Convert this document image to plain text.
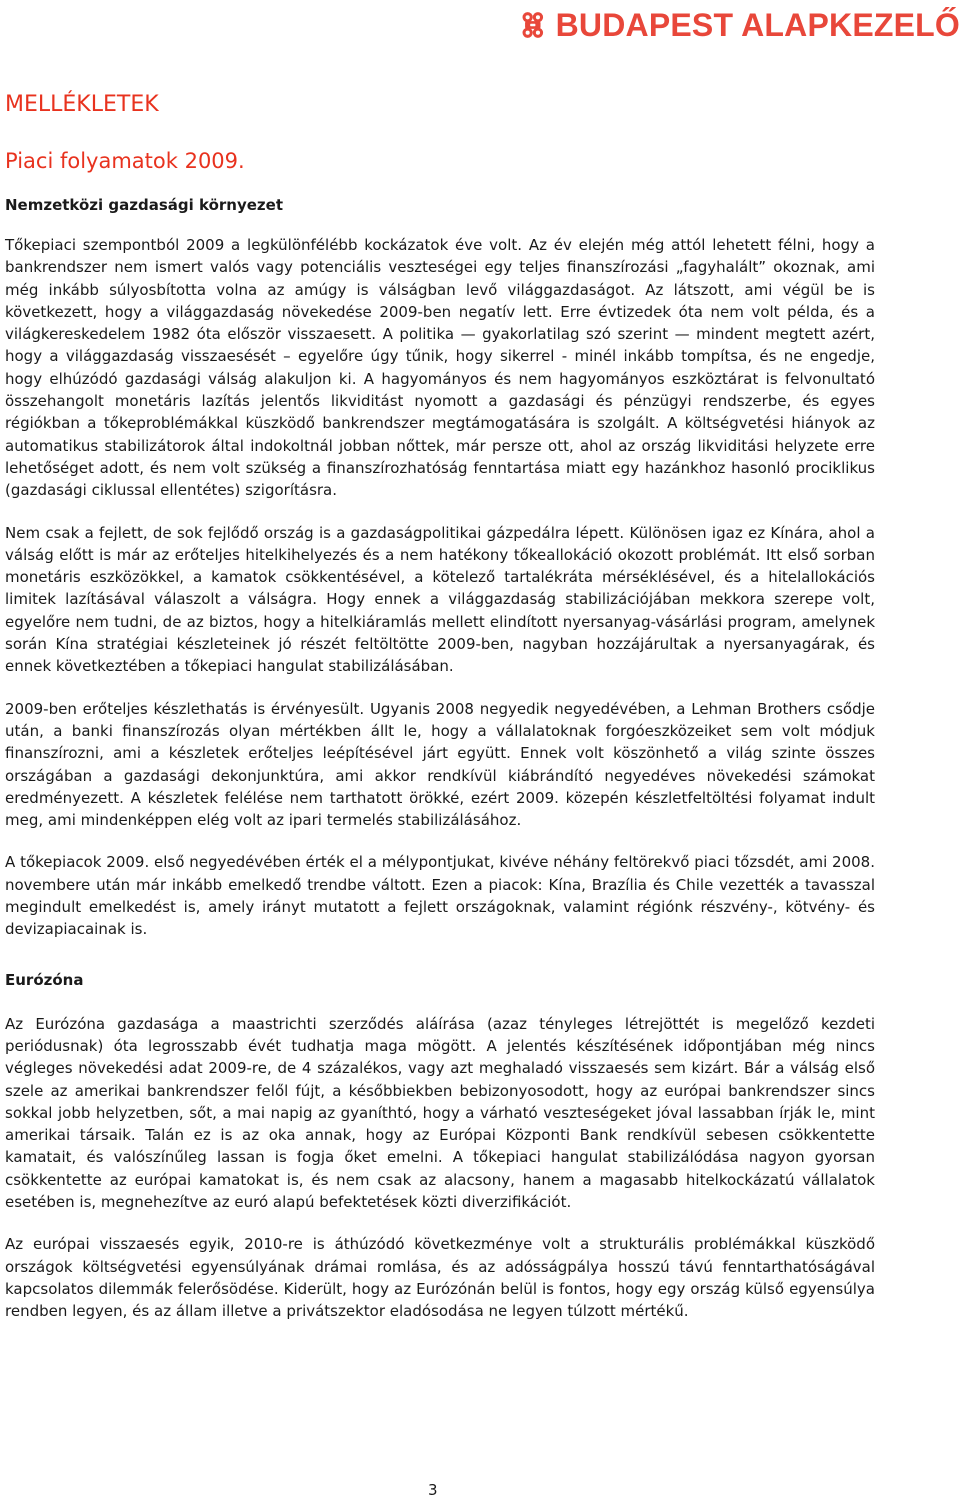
BUDAPEST ALAPKEZELŐ
MELLÉKLETEK
Piaci folyamatok 2009.
Nemzetközi gazdasági környezet

Tőkepiaci szempontból 2009 a legkülönfélébb kockázatok éve volt. Az év elején még attól lehetett félni, hogy a bankrendszer nem ismert valós vagy potenciális veszteségei egy teljes finanszírozási „fagyhalált” okoznak, ami még inkább súlyosbította volna az amúgy is válságban levő világgazdaságot. Az látszott, ami végül be is következett, hogy a világgazdaság növekedése 2009-ben negatív lett. Erre évtizedek óta nem volt példa, és a világkereskedelem 1982 óta először visszaesett. A politika — gyakorlatilag szó szerint — mindent megtett azért, hogy a világgazdaság visszaesését – egyelőre úgy tűnik, hogy sikerrel - minél inkább tompítsa, és ne engedje, hogy elhúzódó gazdasági válság alakuljon ki. A hagyományos és nem hagyományos eszköztárat is felvonultató összehangolt monetáris lazítás jelentős likviditást nyomott a gazdasági és pénzügyi rendszerbe, és egyes régiókban a tőkeproblémákkal küszködő bankrendszer megtámogatására is szolgált. A költségvetési hiányok az automatikus stabilizátorok által indokoltnál jobban nőttek, már persze ott, ahol az ország likviditási helyzete erre lehetőséget adott, és nem volt szükség a finanszírozhatóság fenntartása miatt egy hazánkhoz hasonló prociklikus (gazdasági ciklussal ellentétes) szigorításra.

Nem csak a fejlett, de sok fejlődő ország is a gazdaságpolitikai gázpedálra lépett. Különösen igaz ez Kínára, ahol a válság előtt is már az erőteljes hitelkihelyezés és a nem hatékony tőkeallokáció okozott problémát. Itt első sorban monetáris eszközökkel, a kamatok csökkentésével, a kötelező tartalékráta mérséklésével, és a hitelallokációs limitek lazításával válaszolt a válságra. Hogy ennek a világgazdaság stabilizációjában mekkora szerepe volt, egyelőre nem tudni, de az biztos, hogy a hitelkiáramlás mellett elindított nyersanyag-vásárlási program, amelynek során Kína stratégiai készleteinek jó részét feltöltötte 2009-ben, nagyban hozzájárultak a nyersanyagárak, és ennek következtében a tőkepiaci hangulat stabilizálásában.

2009-ben erőteljes készlethatás is érvényesült. Ugyanis 2008 negyedik negyedévében, a Lehman Brothers csődje után, a banki finanszírozás olyan mértékben állt le, hogy a vállalatoknak forgóeszközeiket sem volt módjuk finanszírozni, ami a készletek erőteljes leépítésével járt együtt. Ennek volt köszönhető a világ szinte összes országában a gazdasági dekonjunktúra, ami akkor rendkívül kiábrándító negyedéves növekedési számokat eredményezett. A készletek felélése nem tarthatott örökké, ezért 2009. közepén készletfeltöltési folyamat indult meg, ami mindenképpen elég volt az ipari termelés stabilizálásához.

A tőkepiacok 2009. első negyedévében érték el a mélypontjukat, kivéve néhány feltörekvő piaci tőzsdét, ami 2008. novembere után már inkább emelkedő trendbe váltott. Ezen a piacok: Kína, Brazília és Chile vezették a tavasszal megindult emelkedést is, amely irányt mutatott a fejlett országoknak, valamint régiónk részvény-, kötvény- és devizapiacainak is.

Eurózóna

Az Eurózóna gazdasága a maastrichti szerződés aláírása (azaz tényleges létrejöttét is megelőző kezdeti periódusnak) óta legrosszabb évét tudhatja maga mögött. A jelentés készítésének időpontjában még nincs végleges növekedési adat 2009-re, de 4 százalékos, vagy azt meghaladó visszaesés sem kizárt. Bár a válság első szele az amerikai bankrendszer felől fújt, a későbbiekben bebizonyosodott, hogy az európai bankrendszer sincs sokkal jobb helyzetben, sőt, a mai napig az gyaníthtó, hogy a várható veszteségeket jóval lassabban írják le, mint amerikai társaik. Talán ez is az oka annak, hogy az Európai Központi Bank rendkívül sebesen csökkentette kamatait, és valószínűleg lassan is fogja őket emelni. A tőkepiaci hangulat stabilizálódása nagyon gyorsan csökkentette az európai kamatokat is, és nem csak az alacsony, hanem a magasabb hitelkockázatú vállalatok esetében is, megnehezítve az euró alapú befektetések közti diverzifikációt.

Az európai visszaesés egyik, 2010-re is áthúzódó következménye volt a strukturális problémákkal küszködő országok költségvetési egyensúlyának drámai romlása, és az adósságpálya hosszú távú fenntarthatóságával kapcsolatos dilemmák felerősödése. Kiderült, hogy az Eurózónán belül is fontos, hogy egy ország külső egyensúlya rendben legyen, és az állam illetve a privátszektor eladósodása ne legyen túlzott mértékű.

3
